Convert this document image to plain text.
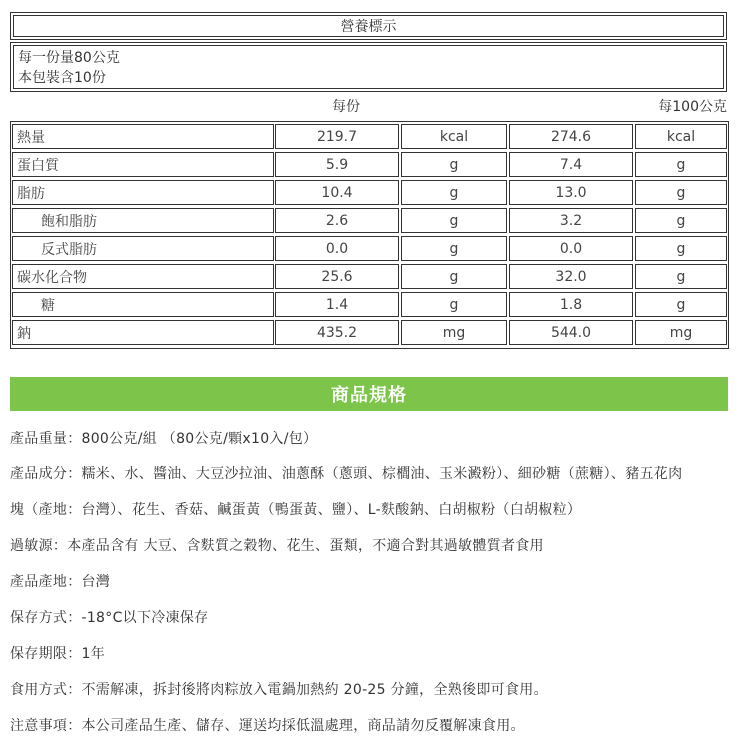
營養標示
每一份量80公克
本包裝含10份
每份	每100公克
熱量	219.7	kcal	274.6	kcal
蛋白質	5.9	g	7.4	g
脂肪	10.4	g	13.0	g
飽和脂肪	2.6	g	3.2	g
反式脂肪	0.0	g	0.0	g
碳水化合物	25.6	g	32.0	g
糖	1.4	g	1.8	g
鈉	435.2	mg	544.0	mg
商品規格
產品重量：800公克/組 （80公克/顆x10入/包）
產品成分：糯米、水、醬油、大豆沙拉油、油蔥酥（蔥頭、棕櫚油、玉米澱粉）、細砂糖（蔗糖）、豬五花肉
塊（產地：台灣）、花生、香菇、鹹蛋黃（鴨蛋黃、鹽）、L-麩酸鈉、白胡椒粉（白胡椒粒）
過敏源：本產品含有 大豆、含麩質之穀物、花生、蛋類，不適合對其過敏體質者食用
產品產地：台灣
保存方式：-18°C以下冷凍保存
保存期限：1年
食用方式：不需解凍，拆封後將肉粽放入電鍋加熱約 20-25 分鐘，全熟後即可食用。
注意事項：本公司產品生產、儲存、運送均採低溫處理，商品請勿反覆解凍食用。
